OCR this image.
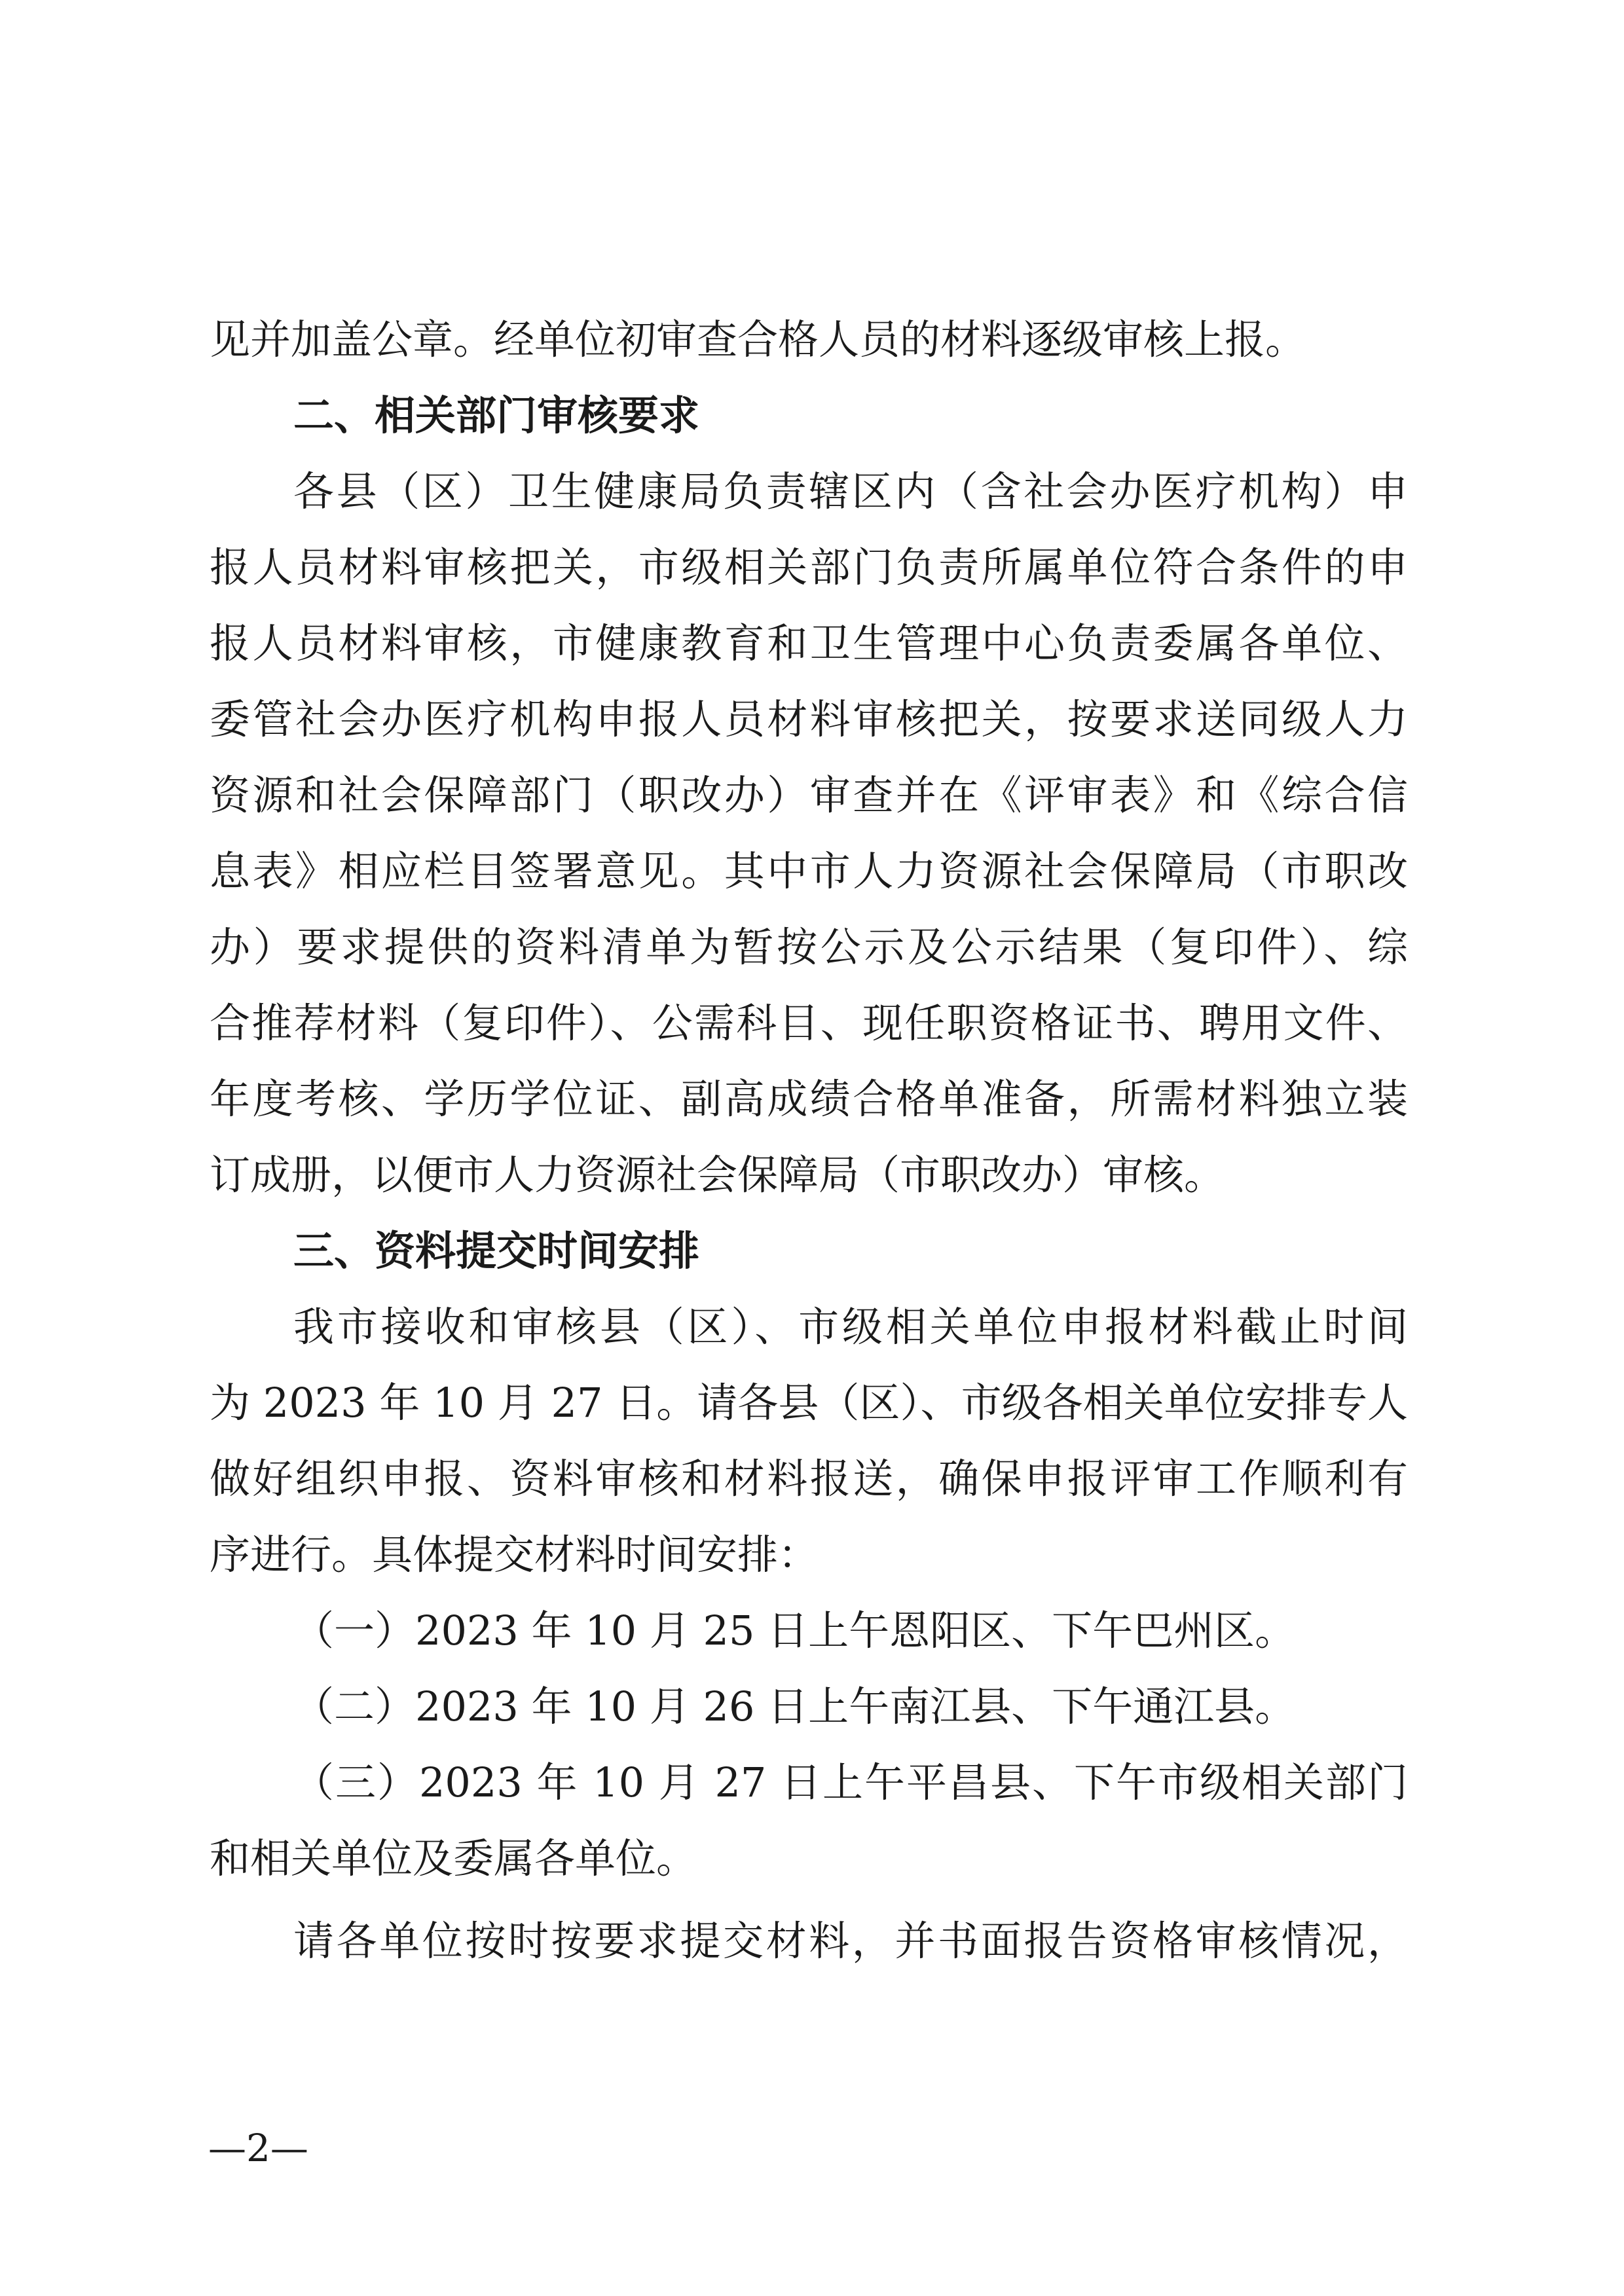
见并加盖公章。经单位初审查合格人员的材料逐级审核上报。
二、相关部门审核要求
各县（区）卫生健康局负责辖区内（含社会办医疗机构）申
报人员材料审核把关，市级相关部门负责所属单位符合条件的申
报人员材料审核，市健康教育和卫生管理中心负责委属各单位、
委管社会办医疗机构申报人员材料审核把关，按要求送同级人力
资源和社会保障部门（职改办）审查并在《评审表》和《综合信
息表》相应栏目签署意见。其中市人力资源社会保障局（市职改
办）要求提供的资料清单为暂按公示及公示结果（复印件）、综
合推荐材料（复印件）、公需科目、现任职资格证书、聘用文件、
年度考核、学历学位证、副高成绩合格单准备，所需材料独立装
订成册，以便市人力资源社会保障局（市职改办）审核。
三、资料提交时间安排
我市接收和审核县（区）、市级相关单位申报材料截止时间
为 2023 年 10 月 27 日。请各县（区）、市级各相关单位安排专人
做好组织申报、资料审核和材料报送，确保申报评审工作顺利有
序进行。具体提交材料时间安排：
（一）2023 年 10 月 25 日上午恩阳区、下午巴州区。
（二）2023 年 10 月 26 日上午南江县、下午通江县。
（三）2023 年 10 月 27 日上午平昌县、下午市级相关部门
和相关单位及委属各单位。
请各单位按时按要求提交材料，并书面报告资格审核情况，
—2—
